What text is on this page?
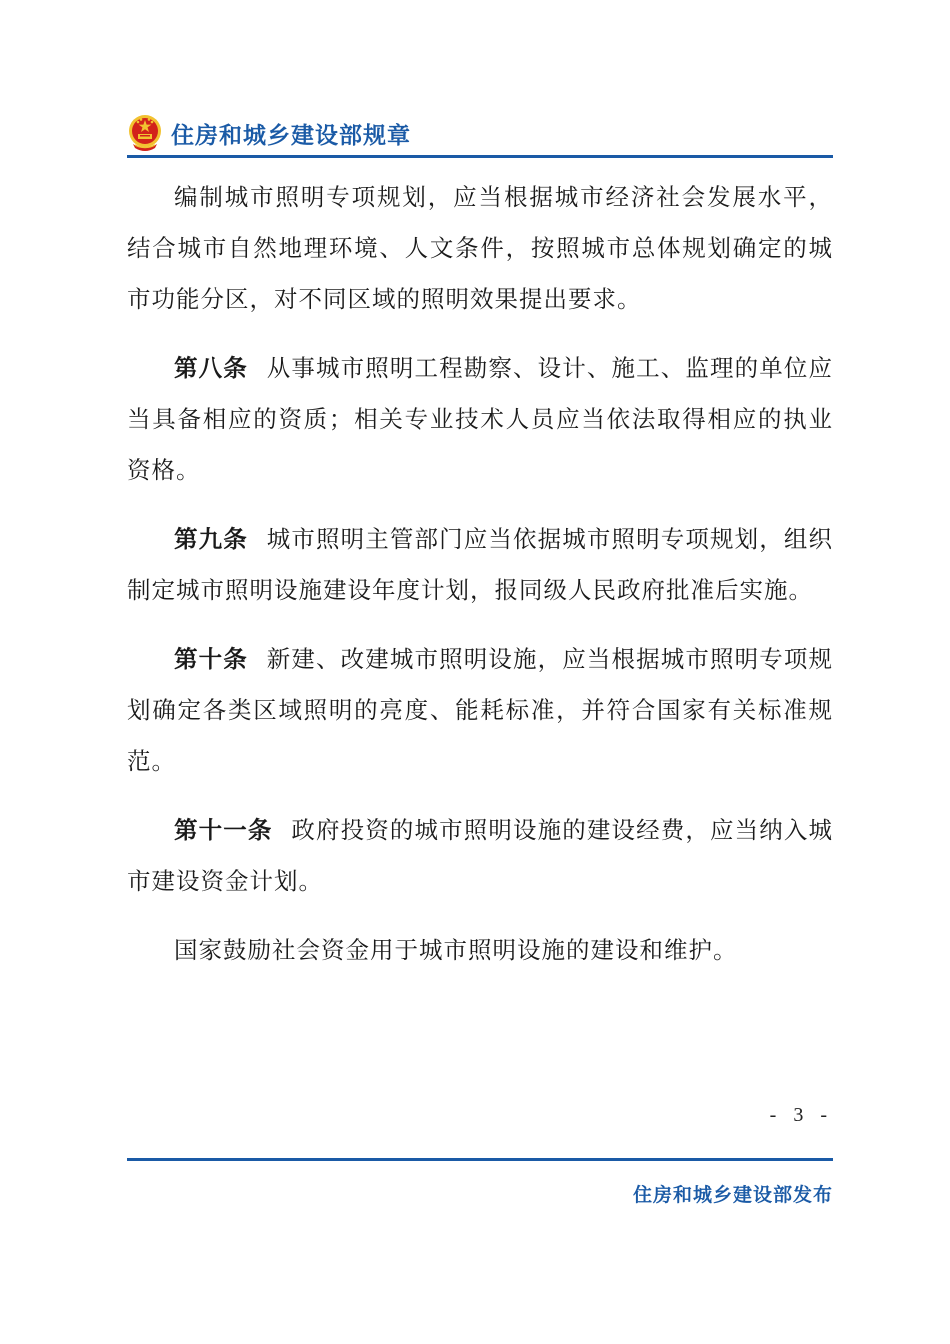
住房和城乡建设部规章

编制城市照明专项规划，应当根据城市经济社会发展水平，结合城市自然地理环境、人文条件，按照城市总体规划确定的城市功能分区，对不同区域的照明效果提出要求。

第八条 从事城市照明工程勘察、设计、施工、监理的单位应当具备相应的资质；相关专业技术人员应当依法取得相应的执业资格。

第九条 城市照明主管部门应当依据城市照明专项规划，组织制定城市照明设施建设年度计划，报同级人民政府批准后实施。

第十条 新建、改建城市照明设施，应当根据城市照明专项规划确定各类区域照明的亮度、能耗标准，并符合国家有关标准规范。

第十一条 政府投资的城市照明设施的建设经费，应当纳入城市建设资金计划。

国家鼓励社会资金用于城市照明设施的建设和维护。

- 3 -
住房和城乡建设部发布
